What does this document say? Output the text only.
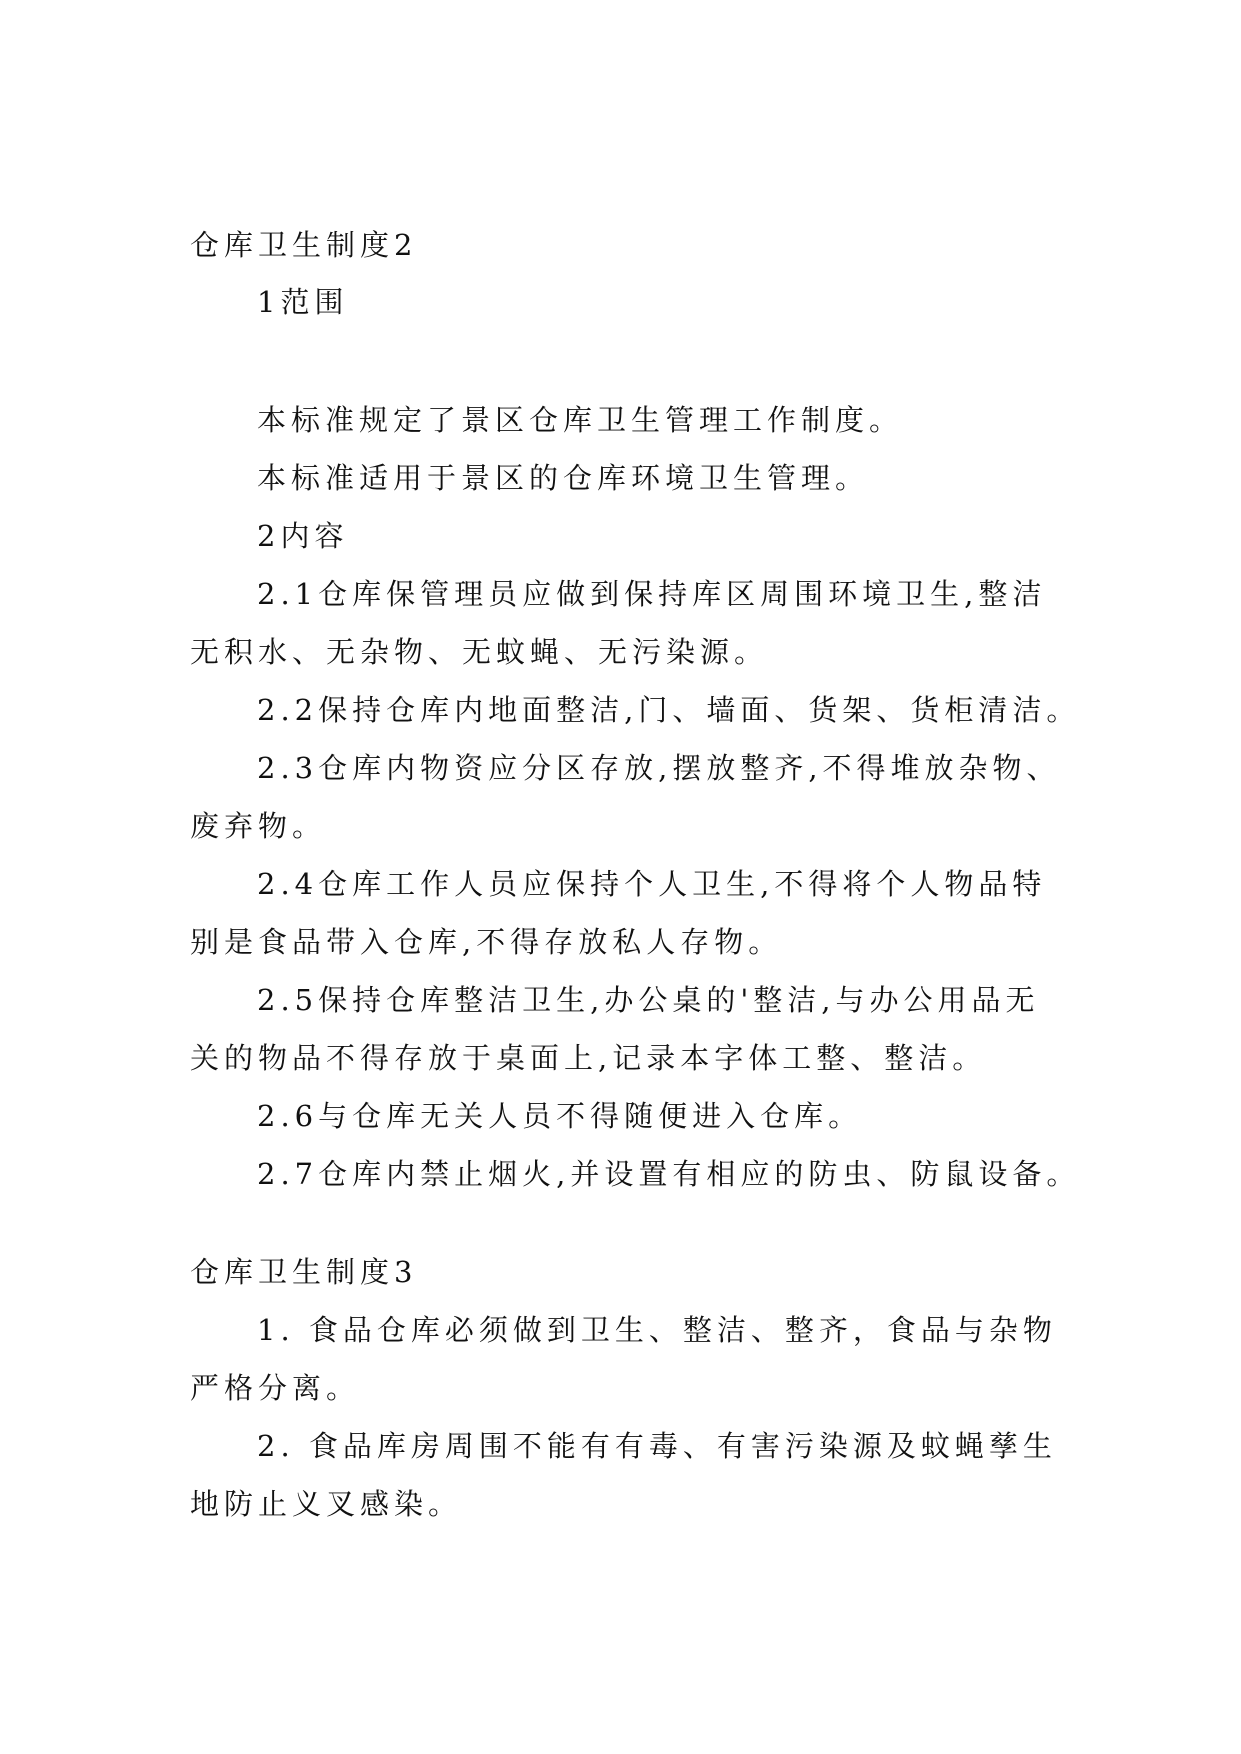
仓库卫生制度2
1范围
本标准规定了景区仓库卫生管理工作制度。
本标准适用于景区的仓库环境卫生管理。
2内容
2.1仓库保管理员应做到保持库区周围环境卫生,整洁
无积水、无杂物、无蚊蝇、无污染源。
2.2保持仓库内地面整洁,门、墙面、货架、货柜清洁。
2.3仓库内物资应分区存放,摆放整齐,不得堆放杂物、
废弃物。
2.4仓库工作人员应保持个人卫生,不得将个人物品特
别是食品带入仓库,不得存放私人存物。
2.5保持仓库整洁卫生,办公桌的'整洁,与办公用品无
关的物品不得存放于桌面上,记录本字体工整、整洁。
2.6与仓库无关人员不得随便进入仓库。
2.7仓库内禁止烟火,并设置有相应的防虫、防鼠设备。
仓库卫生制度3
1. 食品仓库必须做到卫生、整洁、整齐，食品与杂物
严格分离。
2. 食品库房周围不能有有毒、有害污染源及蚊蝇孳生
地防止义叉感染。
